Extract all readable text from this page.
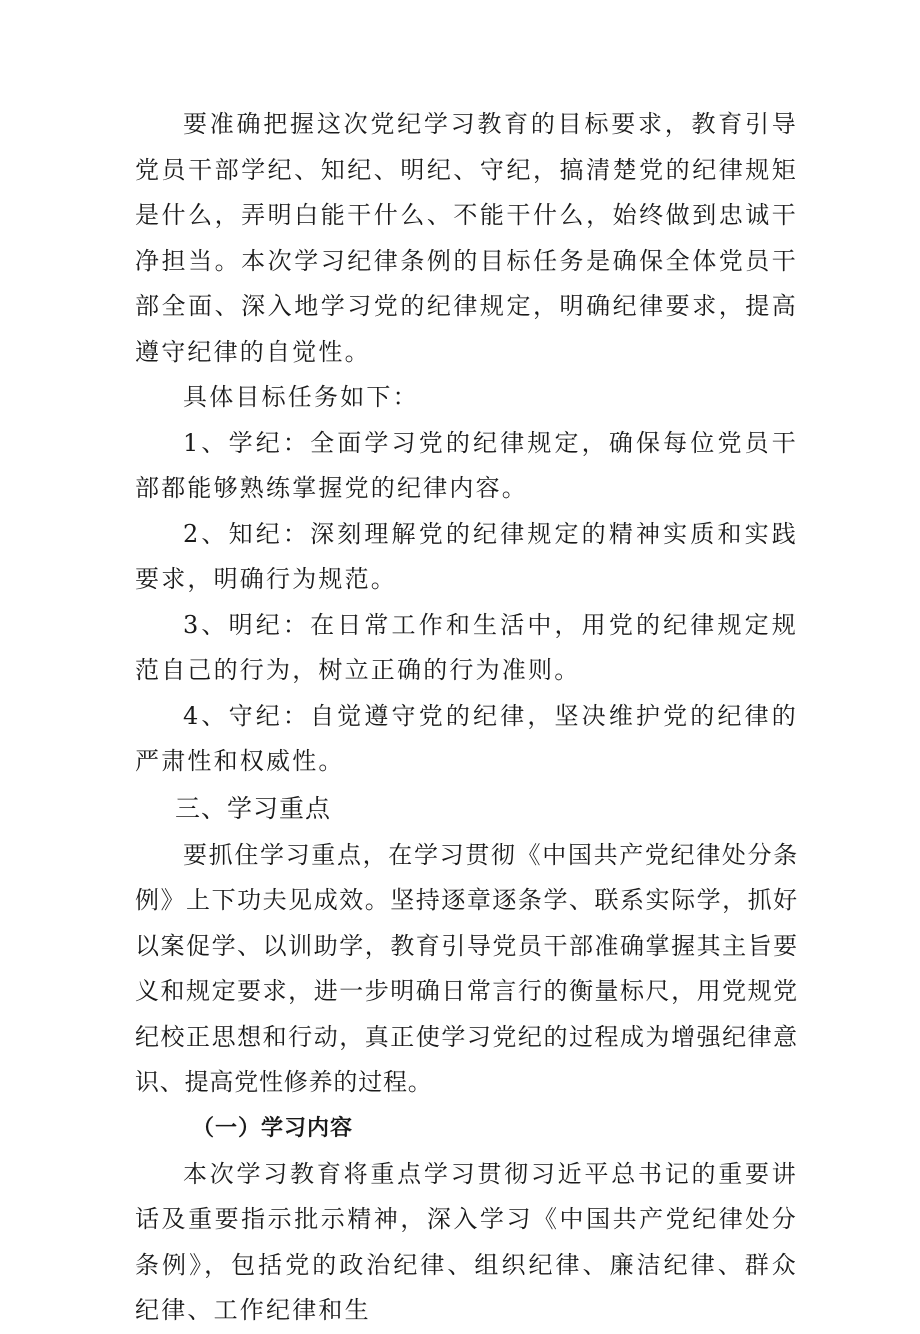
要准确把握这次党纪学习教育的目标要求，教育引导党员干部学纪、知纪、明纪、守纪，搞清楚党的纪律规矩是什么，弄明白能干什么、不能干什么，始终做到忠诚干净担当。本次学习纪律条例的目标任务是确保全体党员干部全面、深入地学习党的纪律规定，明确纪律要求，提高遵守纪律的自觉性。

具体目标任务如下：

1、学纪：全面学习党的纪律规定，确保每位党员干部都能够熟练掌握党的纪律内容。

2、知纪：深刻理解党的纪律规定的精神实质和实践要求，明确行为规范。

3、明纪：在日常工作和生活中，用党的纪律规定规范自己的行为，树立正确的行为准则。

4、守纪：自觉遵守党的纪律，坚决维护党的纪律的严肃性和权威性。

三、学习重点

要抓住学习重点，在学习贯彻《中国共产党纪律处分条例》上下功夫见成效。坚持逐章逐条学、联系实际学，抓好以案促学、以训助学，教育引导党员干部准确掌握其主旨要义和规定要求，进一步明确日常言行的衡量标尺，用党规党纪校正思想和行动，真正使学习党纪的过程成为增强纪律意识、提高党性修养的过程。

（一）学习内容

本次学习教育将重点学习贯彻习近平总书记的重要讲话及重要指示批示精神，深入学习《中国共产党纪律处分条例》，包括党的政治纪律、组织纪律、廉洁纪律、群众纪律、工作纪律和生
